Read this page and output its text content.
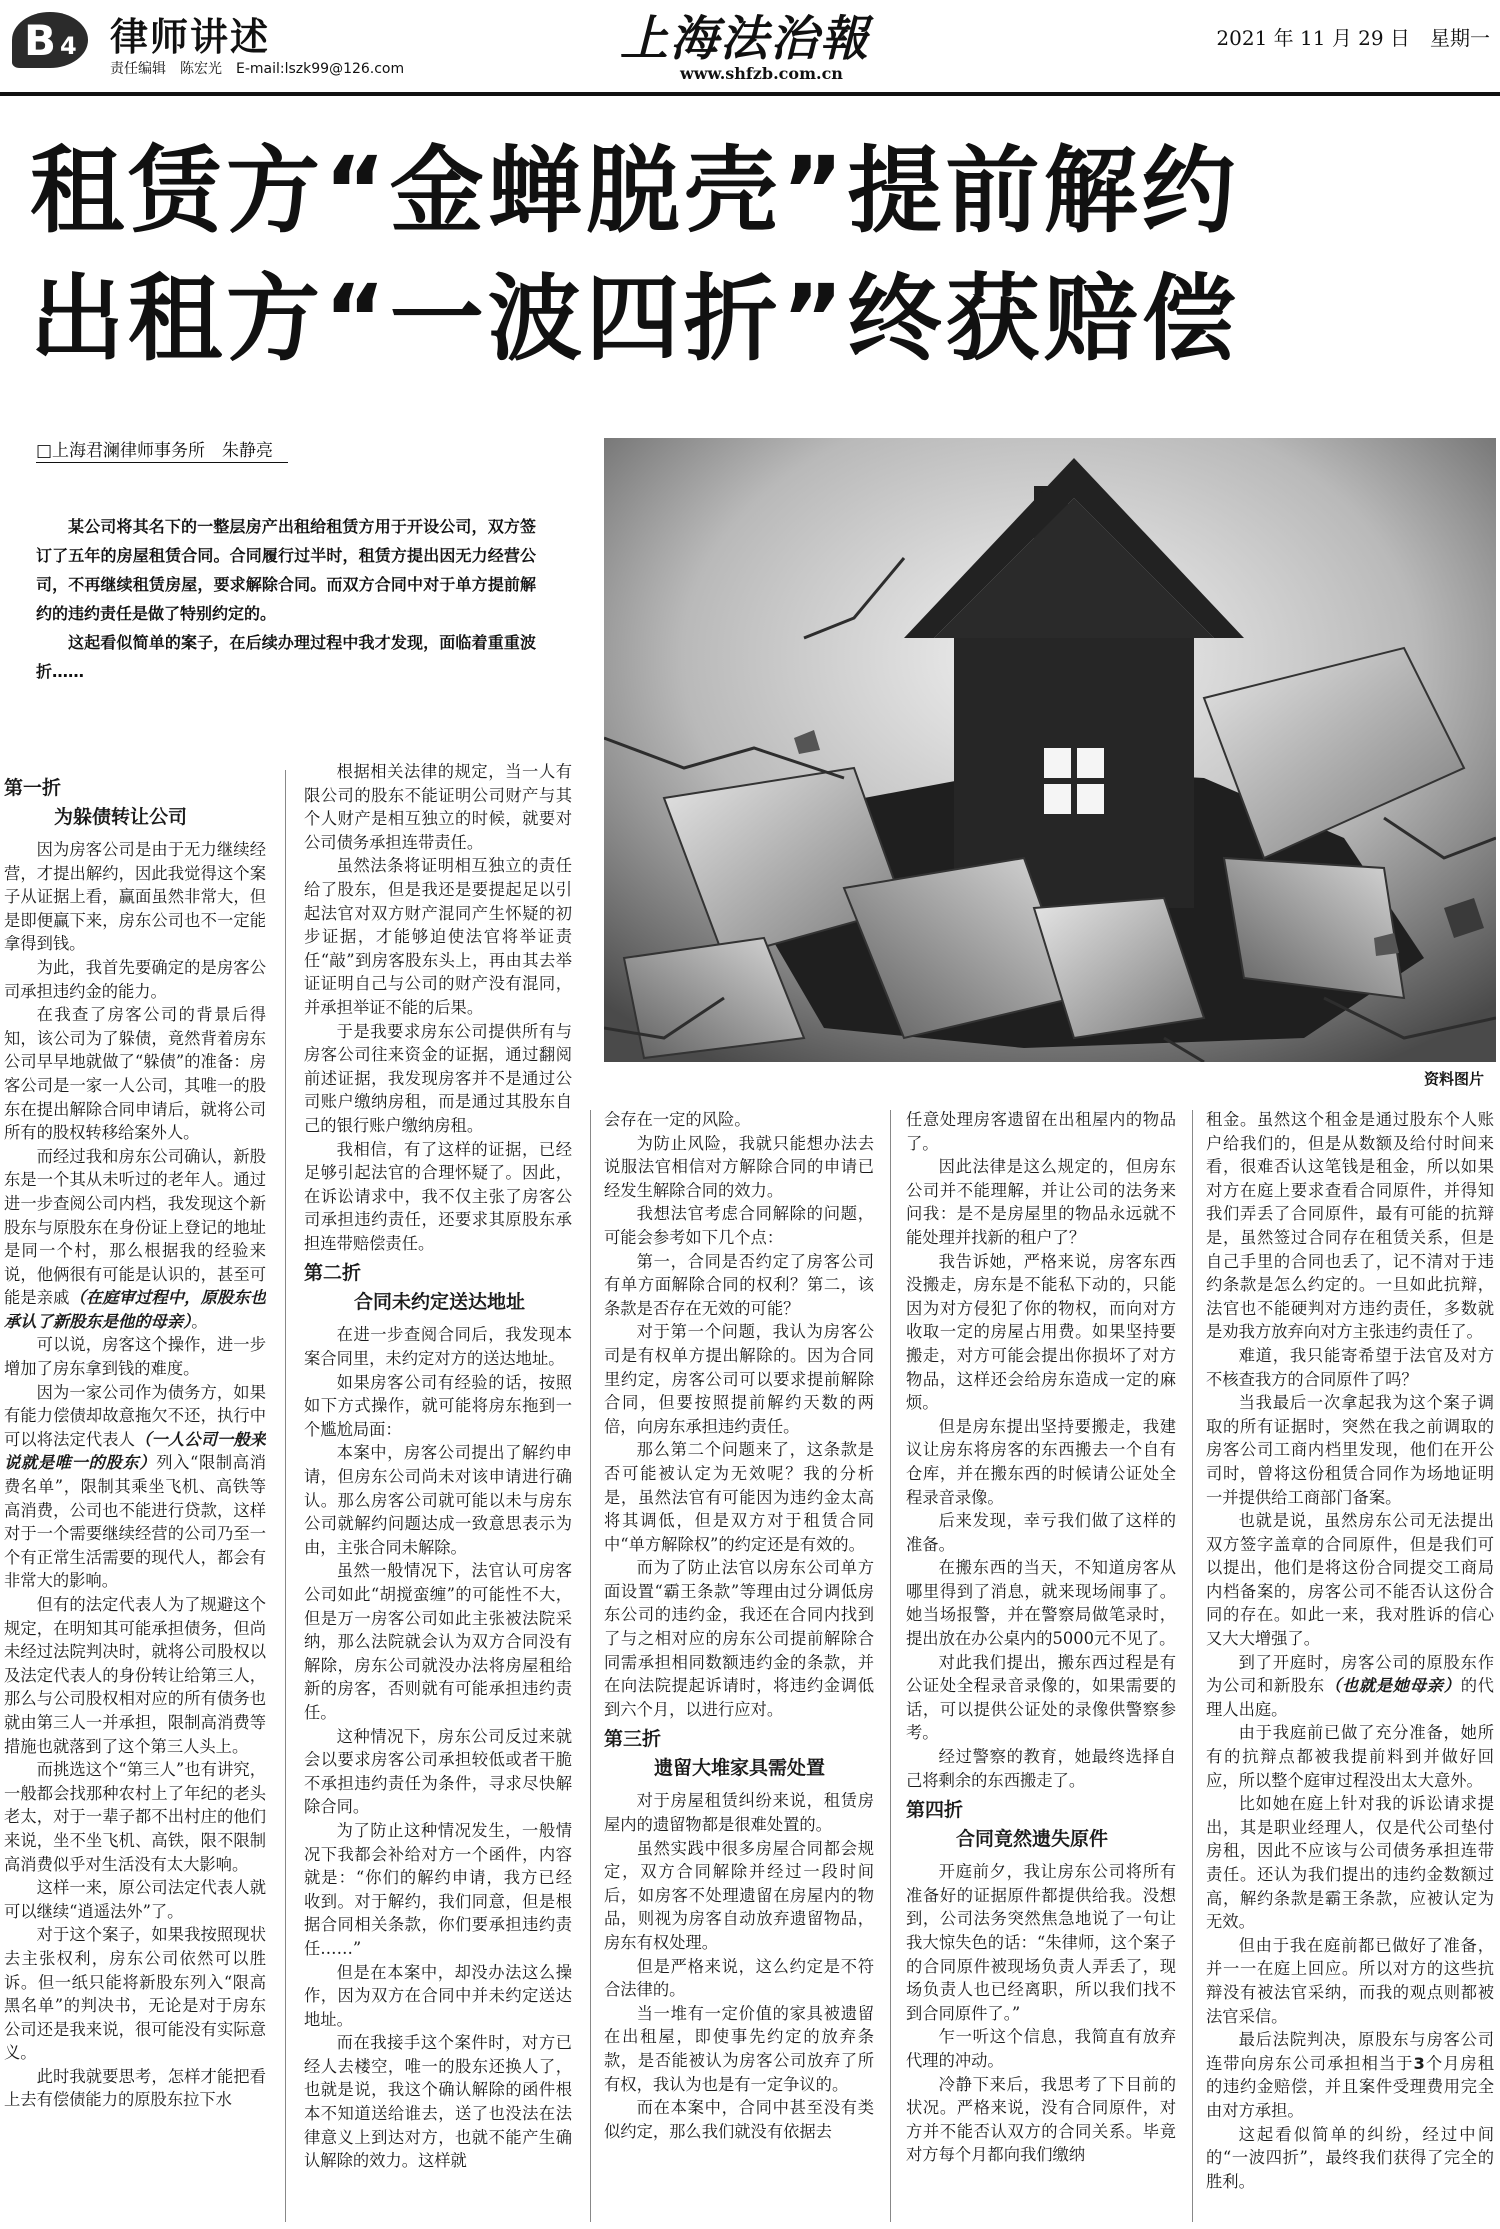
B 4 律师讲述
责任编辑　陈宏光　E-mail:lszk99@126.com
上海法治報
www.shfzb.com.cn
2021 年 11 月 29 日　星期一
租赁方“金蝉脱壳”提前解约
出租方“一波四折”终获赔偿
□上海君澜律师事务所　朱静亮

某公司将其名下的一整层房产出租给租赁方用于开设公司，双方签订了五年的房屋租赁合同。合同履行过半时，租赁方提出因无力经营公司，不再继续租赁房屋，要求解除合同。而双方合同中对于单方提前解约的违约责任是做了特别约定的。

这起看似简单的案子，在后续办理过程中我才发现，面临着重重波折……

资料图片
第一折
为躲债转让公司

因为房客公司是由于无力继续经营，才提出解约，因此我觉得这个案子从证据上看，赢面虽然非常大，但是即便赢下来，房东公司也不一定能拿得到钱。

为此，我首先要确定的是房客公司承担违约金的能力。

在我查了房客公司的背景后得知，该公司为了躲债，竟然背着房东公司早早地就做了“躲债”的准备：房客公司是一家一人公司，其唯一的股东在提出解除合同申请后，就将公司所有的股权转移给案外人。

而经过我和房东公司确认，新股东是一个其从未听过的老年人。通过进一步查阅公司内档，我发现这个新股东与原股东在身份证上登记的地址是同一个村，那么根据我的经验来说，他俩很有可能是认识的，甚至可能是亲戚（在庭审过程中，原股东也承认了新股东是他的母亲）。

可以说，房客这个操作，进一步增加了房东拿到钱的难度。

因为一家公司作为债务方，如果有能力偿债却故意拖欠不还，执行中可以将法定代表人（一人公司一般来说就是唯一的股东）列入“限制高消费名单”，限制其乘坐飞机、高铁等高消费，公司也不能进行贷款，这样对于一个需要继续经营的公司乃至一个有正常生活需要的现代人，都会有非常大的影响。

但有的法定代表人为了规避这个规定，在明知其可能承担债务，但尚未经过法院判决时，就将公司股权以及法定代表人的身份转让给第三人，那么与公司股权相对应的所有债务也就由第三人一并承担，限制高消费等措施也就落到了这个第三人头上。

而挑选这个“第三人”也有讲究，一般都会找那种农村上了年纪的老头老太，对于一辈子都不出村庄的他们来说，坐不坐飞机、高铁，限不限制高消费似乎对生活没有太大影响。

这样一来，原公司法定代表人就可以继续“逍遥法外”了。

对于这个案子，如果我按照现状去主张权利，房东公司依然可以胜诉。但一纸只能将新股东列入“限高黑名单”的判决书，无论是对于房东公司还是我来说，很可能没有实际意义。

此时我就要思考，怎样才能把看上去有偿债能力的原股东拉下水

根据相关法律的规定，当一人有限公司的股东不能证明公司财产与其个人财产是相互独立的时候，就要对公司债务承担连带责任。

虽然法条将证明相互独立的责任给了股东，但是我还是要提起足以引起法官对双方财产混同产生怀疑的初步证据，才能够迫使法官将举证责任“敲”到房客股东头上，再由其去举证证明自己与公司的财产没有混同，并承担举证不能的后果。

于是我要求房东公司提供所有与房客公司往来资金的证据，通过翻阅前述证据，我发现房客并不是通过公司账户缴纳房租，而是通过其股东自己的银行账户缴纳房租。

我相信，有了这样的证据，已经足够引起法官的合理怀疑了。因此，在诉讼请求中，我不仅主张了房客公司承担违约责任，还要求其原股东承担连带赔偿责任。

第二折
合同未约定送达地址

在进一步查阅合同后，我发现本案合同里，未约定对方的送达地址。

如果房客公司有经验的话，按照如下方式操作，就可能将房东拖到一个尴尬局面：

本案中，房客公司提出了解约申请，但房东公司尚未对该申请进行确认。那么房客公司就可能以未与房东公司就解约问题达成一致意思表示为由，主张合同未解除。

虽然一般情况下，法官认可房客公司如此“胡搅蛮缠”的可能性不大，但是万一房客公司如此主张被法院采纳，那么法院就会认为双方合同没有解除，房东公司就没办法将房屋租给新的房客，否则就有可能承担违约责任。

这种情况下，房东公司反过来就会以要求房客公司承担较低或者干脆不承担违约责任为条件，寻求尽快解除合同。

为了防止这种情况发生，一般情况下我都会补给对方一个函件，内容就是：“你们的解约申请，我方已经收到。对于解约，我们同意，但是根据合同相关条款，你们要承担违约责任……”

但是在本案中，却没办法这么操作，因为双方在合同中并未约定送达地址。

而在我接手这个案件时，对方已经人去楼空，唯一的股东还换人了，也就是说，我这个确认解除的函件根本不知道送给谁去，送了也没法在法律意义上到达对方，也就不能产生确认解除的效力。这样就

会存在一定的风险。

为防止风险，我就只能想办法去说服法官相信对方解除合同的申请已经发生解除合同的效力。

我想法官考虑合同解除的问题，可能会参考如下几个点：

第一，合同是否约定了房客公司有单方面解除合同的权利？第二，该条款是否存在无效的可能？

对于第一个问题，我认为房客公司是有权单方提出解除的。因为合同里约定，房客公司可以要求提前解除合同，但要按照提前解约天数的两倍，向房东承担违约责任。

那么第二个问题来了，这条款是否可能被认定为无效呢？我的分析是，虽然法官有可能因为违约金太高将其调低，但是双方对于租赁合同中“单方解除权”的约定还是有效的。

而为了防止法官以房东公司单方面设置“霸王条款”等理由过分调低房东公司的违约金，我还在合同内找到了与之相对应的房东公司提前解除合同需承担相同数额违约金的条款，并在向法院提起诉请时，将违约金调低到六个月，以进行应对。

第三折
遗留大堆家具需处置

对于房屋租赁纠纷来说，租赁房屋内的遗留物都是很难处置的。

虽然实践中很多房屋合同都会规定，双方合同解除并经过一段时间后，如房客不处理遗留在房屋内的物品，则视为房客自动放弃遗留物品，房东有权处理。

但是严格来说，这么约定是不符合法律的。

当一堆有一定价值的家具被遗留在出租屋，即使事先约定的放弃条款，是否能被认为房客公司放弃了所有权，我认为也是有一定争议的。

而在本案中，合同中甚至没有类似约定，那么我们就没有依据去

任意处理房客遗留在出租屋内的物品了。

因此法律是这么规定的，但房东公司并不能理解，并让公司的法务来问我：是不是房屋里的物品永远就不能处理并找新的租户了？

我告诉她，严格来说，房客东西没搬走，房东是不能私下动的，只能因为对方侵犯了你的物权，而向对方收取一定的房屋占用费。如果坚持要搬走，对方可能会提出你损坏了对方物品，这样还会给房东造成一定的麻烦。

但是房东提出坚持要搬走，我建议让房东将房客的东西搬去一个自有仓库，并在搬东西的时候请公证处全程录音录像。

后来发现，幸亏我们做了这样的准备。

在搬东西的当天，不知道房客从哪里得到了消息，就来现场闹事了。她当场报警，并在警察局做笔录时，提出放在办公桌内的5000元不见了。

对此我们提出，搬东西过程是有公证处全程录音录像的，如果需要的话，可以提供公证处的录像供警察参考。

经过警察的教育，她最终选择自己将剩余的东西搬走了。

第四折
合同竟然遗失原件

开庭前夕，我让房东公司将所有准备好的证据原件都提供给我。没想到，公司法务突然焦急地说了一句让我大惊失色的话：“朱律师，这个案子的合同原件被现场负责人弄丢了，现场负责人也已经离职，所以我们找不到合同原件了。”

乍一听这个信息，我简直有放弃代理的冲动。

冷静下来后，我思考了下目前的状况。严格来说，没有合同原件，对方并不能否认双方的合同关系。毕竟对方每个月都向我们缴纳

租金。虽然这个租金是通过股东个人账户给我们的，但是从数额及给付时间来看，很难否认这笔钱是租金，所以如果对方在庭上要求查看合同原件，并得知我们弄丢了合同原件，最有可能的抗辩是，虽然签过合同存在租赁关系，但是自己手里的合同也丢了，记不清对于违约条款是怎么约定的。一旦如此抗辩，法官也不能硬判对方违约责任，多数就是劝我方放弃向对方主张违约责任了。

难道，我只能寄希望于法官及对方不核查我方的合同原件了吗？

当我最后一次拿起我为这个案子调取的所有证据时，突然在我之前调取的房客公司工商内档里发现，他们在开公司时，曾将这份租赁合同作为场地证明一并提供给工商部门备案。

也就是说，虽然房东公司无法提出双方签字盖章的合同原件，但是我们可以提出，他们是将这份合同提交工商局内档备案的，房客公司不能否认这份合同的存在。如此一来，我对胜诉的信心又大大增强了。

到了开庭时，房客公司的原股东作为公司和新股东（也就是她母亲）的代理人出庭。

由于我庭前已做了充分准备，她所有的抗辩点都被我提前料到并做好回应，所以整个庭审过程没出太大意外。

比如她在庭上针对我的诉讼请求提出，其是职业经理人，仅是代公司垫付房租，因此不应该与公司债务承担连带责任。还认为我们提出的违约金数额过高，解约条款是霸王条款，应被认定为无效。

但由于我在庭前都已做好了准备，并一一在庭上回应。所以对方的这些抗辩没有被法官采纳，而我的观点则都被法官采信。

最后法院判决，原股东与房客公司连带向房东公司承担相当于3个月房租的违约金赔偿，并且案件受理费用完全由对方承担。

这起看似简单的纠纷，经过中间的“一波四折”，最终我们获得了完全的胜利。
